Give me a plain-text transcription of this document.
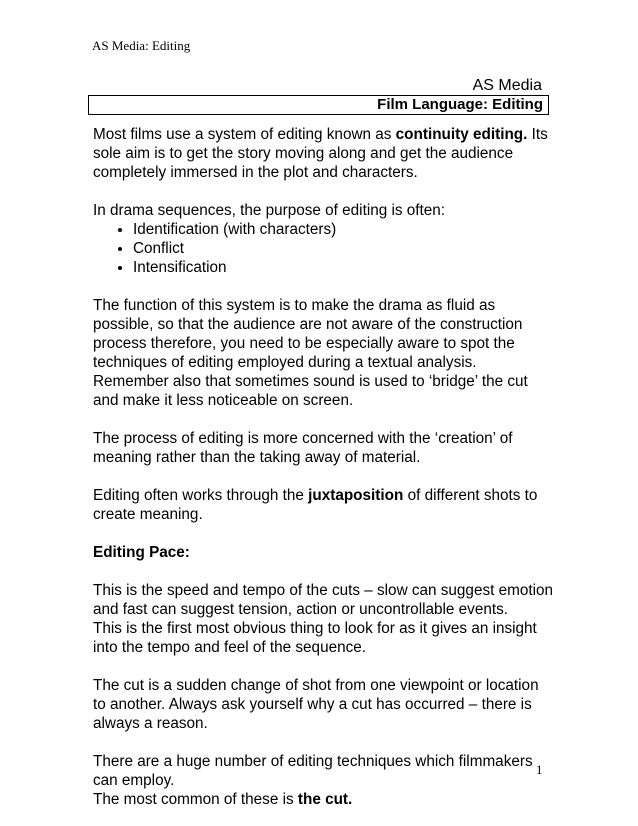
AS Media: Editing
AS Media
Film Language: Editing

Most films use a system of editing known as continuity editing. Its sole aim is to get the story moving along and get the audience completely immersed in the plot and characters.

In drama sequences, the purpose of editing is often:

• Identification (with characters)
• Conflict
• Intensification

The function of this system is to make the drama as fluid as possible, so that the audience are not aware of the construction process therefore, you need to be especially aware to spot the techniques of editing employed during a textual analysis. Remember also that sometimes sound is used to ‘bridge’ the cut and make it less noticeable on screen.

The process of editing is more concerned with the ‘creation’ of meaning rather than the taking away of material.

Editing often works through the juxtaposition of different shots to create meaning.

Editing Pace:

This is the speed and tempo of the cuts – slow can suggest emotion and fast can suggest tension, action or uncontrollable events.

This is the first most obvious thing to look for as it gives an insight into the tempo and feel of the sequence.

The cut is a sudden change of shot from one viewpoint or location to another. Always ask yourself why a cut has occurred – there is always a reason.

There are a huge number of editing techniques which filmmakers can employ.

The most common of these is the cut.

1
